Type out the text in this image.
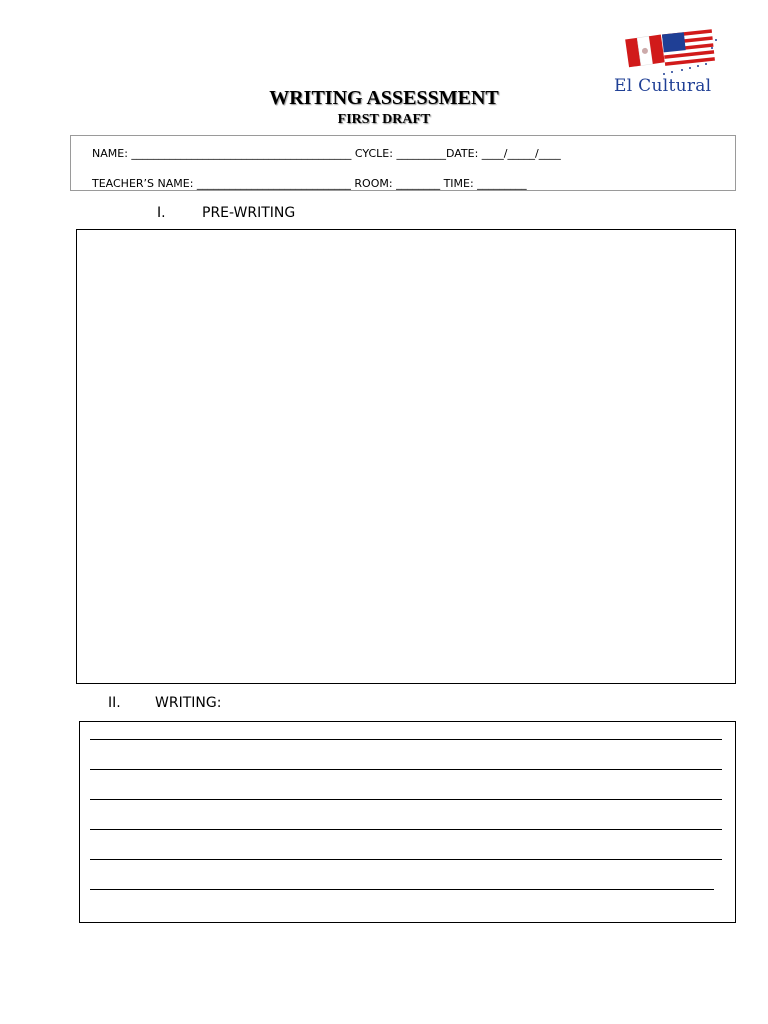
El Cultural
WRITING ASSESSMENT
FIRST DRAFT
NAME: ________________________________________ CYCLE: _________DATE: ____/_____/____
TEACHER’S NAME: ____________________________ ROOM: ________ TIME: _________
I.	PRE-WRITING
II. WRITING:
